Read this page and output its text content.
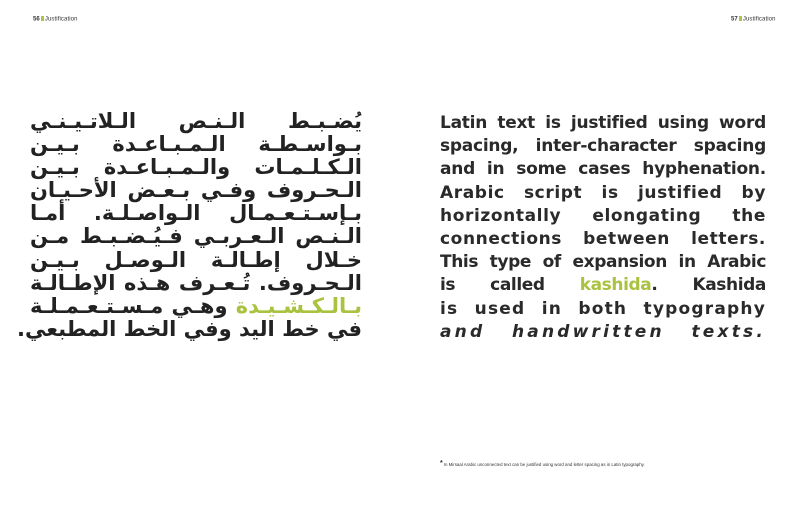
56 Justification	57 Justification
يُضـبـط الـنـص الـلاتـيـنـي
بـواسـطـة الـمـبـاعـدة بـيـن
الـكـلـمـات والـمـبـاعـدة بـيـن
الـحـروف وفـي بـعـض الأحـيـان
بـإسـتـعـمـال الـواصـلـة. أمـا
الـنـص الـعـربـي فـيُـضـبـط مـن
خـلال إطـالـة الـوصـل بـيـن
الـحـروف. تُـعـرف هـذه الإطـالـة
بـالـكـشـيـدة وهـي مـسـتـعـمـلـة
في خط اليد وفي الخط المطبعي.
Latin text is justified using word
spacing, inter-character spacing
and in some cases hyphenation.
Arabic script is justified by
horizontally elongating the
connections between letters.
This type of expansion in Arabic
is called kashida. Kashida
is used in both typography
and handwritten texts.
*In Mirsaal Arabic unconnected text can be justified using word and letter spacing as in Latin typography.
